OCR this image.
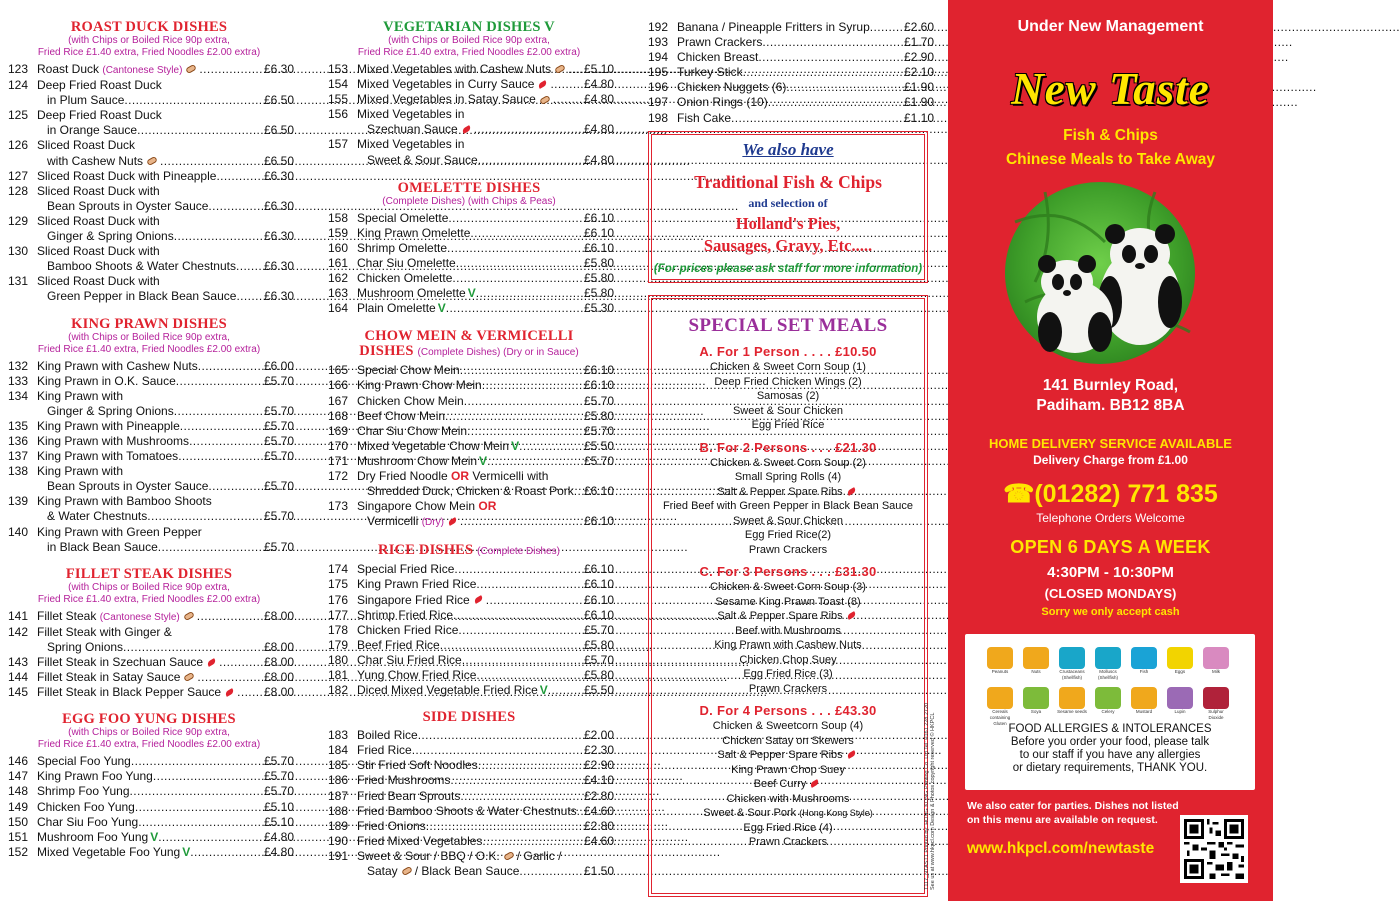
ROAST DUCK DISHES
(with Chips or Boiled Rice 90p extra,
Fried Rice £1.40 extra, Fried Noodles £2.00 extra)
123 Roast Duck (Cantonese Style) .....	£6.30
124 Deep Fried Roast Duck
in Plum Sauce .....	£6.50
125 Deep Fried Roast Duck
in Orange Sauce .....	£6.50
126 Sliced Roast Duck
with Cashew Nuts .....	£6.50
127 Sliced Roast Duck with Pineapple .....	£6.30
128 Sliced Roast Duck with
Bean Sprouts in Oyster Sauce .....	£6.30
129 Sliced Roast Duck with
Ginger & Spring Onions .....	£6.30
130 Sliced Roast Duck with
Bamboo Shoots & Water Chestnuts ..... £6.30
131 Sliced Roast Duck with
Green Pepper in Black Bean Sauce ..... £6.30
KING PRAWN DISHES
(with Chips or Boiled Rice 90p extra,
Fried Rice £1.40 extra, Fried Noodles £2.00 extra)
132 King Prawn with Cashew Nuts .....	£6.00
133 King Prawn in O.K. Sauce .....	£5.70
134 King Prawn with
Ginger & Spring Onions .....	£5.70
135 King Prawn with Pineapple .....	£5.70
136 King Prawn with Mushrooms .....	£5.70
137 King Prawn with Tomatoes .....	£5.70
138 King Prawn with
Bean Sprouts in Oyster Sauce .....	£5.70
139 King Prawn with Bamboo Shoots
& Water Chestnuts .....	£5.70
140 King Prawn with Green Pepper
in Black Bean Sauce .....	£5.70
FILLET STEAK DISHES
(with Chips or Boiled Rice 90p extra,
Fried Rice £1.40 extra, Fried Noodles £2.00 extra)
141 Fillet Steak (Cantonese Style) .....	£8.00
142 Fillet Steak with Ginger &
Spring Onions .....	£8.00
143 Fillet Steak in Szechuan Sauce .....	£8.00
144 Fillet Steak in Satay Sauce .....	£8.00
145 Fillet Steak in Black Pepper Sauce .....	£8.00
EGG FOO YUNG DISHES
(with Chips or Boiled Rice 90p extra,
Fried Rice £1.40 extra, Fried Noodles £2.00 extra)
146 Special Foo Yung .....	£5.70
147 King Prawn Foo Yung .....	£5.70
148 Shrimp Foo Yung .....	£5.70
149 Chicken Foo Yung .....	£5.10
150 Char Siu Foo Yung .....	£5.10
151 Mushroom Foo Yung V .....	£4.80
152 Mixed Vegetable Foo Yung V .....	£4.80
VEGETARIAN DISHES V
(with Chips or Boiled Rice 90p extra,
Fried Rice £1.40 extra, Fried Noodles £2.00 extra)
153 Mixed Vegetables with Cashew Nuts .....	£5.10
154 Mixed Vegetables in Curry Sauce .....	£4.80
155 Mixed Vegetables in Satay Sauce .....	£4.80
156 Mixed Vegetables in
Szechuan Sauce .....	£4.80
157 Mixed Vegetables in
Sweet & Sour Sauce .....	£4.80
OMELETTE DISHES
(Complete Dishes) (with Chips & Peas)
158 Special Omelette .....	£6.10
159 King Prawn Omelette .....	£6.10
160 Shrimp Omelette .....	£6.10
161 Char Siu Omelette .....	£5.80
162 Chicken Omelette .....	£5.80
163 Mushroom Omelette V .....	£5.80
164 Plain Omelette V .....	£5.30
CHOW MEIN & VERMICELLI
DISHES (Complete Dishes) (Dry or in Sauce)
165 Special Chow Mein .....	£6.10
166 King Prawn Chow Mein .....	£6.10
167 Chicken Chow Mein .....	£5.70
168 Beef Chow Mein .....	£5.80
169 Char Siu Chow Mein .....	£5.70
170 Mixed Vegetable Chow Mein V .....	£5.50
171 Mushroom Chow Mein V .....	£5.70
172 Dry Fried Noodle OR Vermicelli with
Shredded Duck, Chicken & Roast Pork ..... £6.10
173 Singapore Chow Mein OR
Vermicelli (Dry) .....	£6.10
RICE DISHES (Complete Dishes)
174 Special Fried Rice .....	£6.10
175 King Prawn Fried Rice .....	£6.10
176 Singapore Fried Rice .....	£6.10
177 Shrimp Fried Rice .....	£6.10
178 Chicken Fried Rice .....	£5.70
179 Beef Fried Rice .....	£5.80
180 Char Siu Fried Rice .....	£5.70
181 Yung Chow Fried Rice .....	£5.80
182 Diced Mixed Vegetable Fried Rice V .....	£5.50
SIDE DISHES
183 Boiled Rice .....	£2.00
184 Fried Rice .....	£2.30
185 Stir Fried Soft Noodles .....	£2.90
186 Fried Mushrooms .....	£4.10
187 Fried Bean Sprouts .....	£2.80
188 Fried Bamboo Shoots & Water Chestnuts ..... £4.60
189 Fried Onions .....	£2.80
190 Fried Mixed Vegetables .....	£4.60
191 Sweet & Sour / BBQ / O.K. / Garlic /
Satay / Black Bean Sauce .....	£1.50
192 Banana / Pineapple Fritters in Syrup .....	£2.60
193 Prawn Crackers .....	£1.70
194 Chicken Breast .....	£2.90
195 Turkey Stick .....	£2.10
196 Chicken Nuggets (6) .....	£1.90
197 Onion Rings (10) .....	£1.90
198 Fish Cake .....	£1.10
We also have
Traditional Fish & Chips
and selection of
Holland's Pies,
Sausages, Gravy, Etc.....
(For prices please ask staff for more information)
SPECIAL SET MEALS
A. For 1 Person . . . . £10.50
Chicken & Sweet Corn Soup (1)
Deep Fried Chicken Wings (2)
Samosas (2)
Sweet & Sour Chicken
Egg Fried Rice
B. For 2 Persons . . . £21.30
Chicken & Sweet Corn Soup (2)
Small Spring Rolls (4)
Salt & Pepper Spare Ribs
Fried Beef with Green Pepper in Black Bean Sauce
Sweet & Sour Chicken
Egg Fried Rice(2)
Prawn Crackers
C. For 3 Persons . . . £31.30
Chicken & Sweet Corn Soup (3)
Sesame King Prawn Toast (8)
Salt & Pepper Spare Ribs
Beef with Mushrooms
King Prawn with Cashew Nuts
Chicken Chop Suey
Egg Fried Rice (3)
Prawn Crackers
D. For 4 Persons . . . £43.30
Chicken & Sweetcorn Soup (4)
Chicken Satay on Skewers
Salt & Pepper Spare Ribs
King Prawn Chop Suey
Beef Curry
Chicken with Mushrooms
Sweet & Sour Pork (Hong Kong Style)
Egg Fried Rice (4)
Prawn Crackers	T117_NTAST1 Printed by: HONG KONG Printing Co. Ltd Tel: 0161 228 2720 See us at www.hkpcl.com Design & Photos copyright reserved © HKPCL
Under New Management
New Taste
Fish & Chips
Chinese Meals to Take Away
141 Burnley Road,
Padiham. BB12 8BA
HOME DELIVERY SERVICE AVAILABLE
Delivery Charge from £1.00
☎(01282) 771 835
Telephone Orders Welcome
OPEN 6 DAYS A WEEK
4:30PM - 10:30PM
(CLOSED MONDAYS)
Sorry we only accept cash
Peanuts	Nuts	Crustaceans (Shellfish)
Molluscs (Shellfish)
Fish	Eggs	Milk
Cereals containing Gluten
Soya	Sesame seeds	Celery	Mustard	Lupin	Sulphur Dioxide
FOOD ALLERGIES & INTOLERANCES
Before you order your food, please talk
to our staff if you have any allergies
or dietary requirements, THANK YOU.
We also cater for parties. Dishes not listed
on this menu are available on request.
www.hkpcl.com/newtaste
